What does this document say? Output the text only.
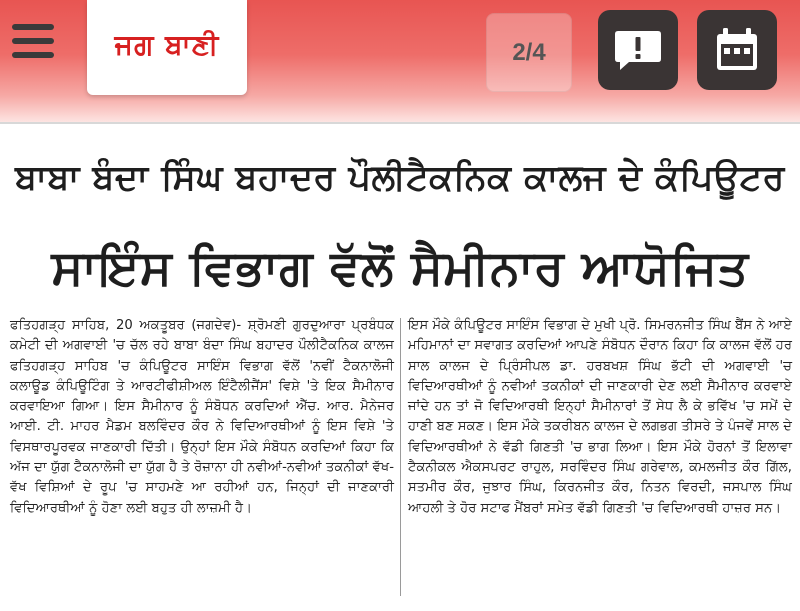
ਜਗ ਬਾਣੀ	2/4
ਬਾਬਾ ਬੰਦਾ ਸਿੰਘ ਬਹਾਦਰ ਪੌਲੀਟੈਕਨਿਕ ਕਾਲਜ ਦੇ ਕੰਪਿਊਟਰ
ਸਾਇੰਸ ਵਿਭਾਗ ਵੱਲੋਂ ਸੈਮੀਨਾਰ ਆਯੋਜਿਤ
ਫਤਿਹਗੜ੍ਹ ਸਾਹਿਬ, 20 ਅਕਤੂਬਰ (ਜਗਦੇਵ)- ਸ਼੍ਰੋਮਣੀ ਗੁਰਦੁਆਰਾ ਪ੍ਰਬੰਧਕ ਕਮੇਟੀ ਦੀ ਅਗਵਾਈ 'ਚ ਚੱਲ ਰਹੇ ਬਾਬਾ ਬੰਦਾ ਸਿੰਘ ਬਹਾਦਰ ਪੌਲੀਟੈਕਨਿਕ ਕਾਲਜ ਫਤਿਹਗੜ੍ਹ ਸਾਹਿਬ 'ਚ ਕੰਪਿਊਟਰ ਸਾਇੰਸ ਵਿਭਾਗ ਵੱਲੋਂ 'ਨਵੀਂ ਟੈਕਨਾਲੋਜੀ ਕਲਾਊਡ ਕੰਪਿਊਟਿੰਗ ਤੇ ਆਰਟੀਫੀਸ਼ੀਅਲ ਇੰਟੈਲੀਜੈਂਸ' ਵਿਸ਼ੇ 'ਤੇ ਇਕ ਸੈਮੀਨਾਰ ਕਰਵਾਇਆ ਗਿਆ। ਇਸ ਸੈਮੀਨਾਰ ਨੂੰ ਸੰਬੋਧਨ ਕਰਦਿਆਂ ਐੱਚ. ਆਰ. ਮੈਨੇਜਰ ਆਈ. ਟੀ. ਮਾਹਰ ਮੈਡਮ ਬਲਵਿੰਦਰ ਕੌਰ ਨੇ ਵਿਦਿਆਰਥੀਆਂ ਨੂੰ ਇਸ ਵਿਸ਼ੇ 'ਤੇ ਵਿਸਥਾਰਪੂਰਵਕ ਜਾਣਕਾਰੀ ਦਿੱਤੀ। ਉਨ੍ਹਾਂ ਇਸ ਮੌਕੇ ਸੰਬੋਧਨ ਕਰਦਿਆਂ ਕਿਹਾ ਕਿ ਅੱਜ ਦਾ ਯੁੱਗ ਟੈਕਨਾਲੋਜੀ ਦਾ ਯੁੱਗ ਹੈ ਤੇ ਰੋਜ਼ਾਨਾ ਹੀ ਨਵੀਆਂ-ਨਵੀਆਂ ਤਕਨੀਕਾਂ ਵੱਖ-ਵੱਖ ਵਿਸ਼ਿਆਂ ਦੇ ਰੂਪ 'ਚ ਸਾਹਮਣੇ ਆ ਰਹੀਆਂ ਹਨ, ਜਿਨ੍ਹਾਂ ਦੀ ਜਾਣਕਾਰੀ ਵਿਦਿਆਰਥੀਆਂ ਨੂੰ ਹੋਣਾ ਲਈ ਬਹੁਤ ਹੀ ਲਾਜ਼ਮੀ ਹੈ।
ਇਸ ਮੌਕੇ ਕੰਪਿਊਟਰ ਸਾਇੰਸ ਵਿਭਾਗ ਦੇ ਮੁਖੀ ਪ੍ਰੋ. ਸਿਮਰਨਜੀਤ ਸਿੰਘ ਬੈਂਸ ਨੇ ਆਏ ਮਹਿਮਾਨਾਂ ਦਾ ਸਵਾਗਤ ਕਰਦਿਆਂ ਆਪਣੇ ਸੰਬੋਧਨ ਦੌਰਾਨ ਕਿਹਾ ਕਿ ਕਾਲਜ ਵੱਲੋਂ ਹਰ ਸਾਲ ਕਾਲਜ ਦੇ ਪ੍ਰਿੰਸੀਪਲ ਡਾ. ਹਰਬਖਸ਼ ਸਿੰਘ ਭੱਟੀ ਦੀ ਅਗਵਾਈ 'ਚ ਵਿਦਿਆਰਥੀਆਂ ਨੂੰ ਨਵੀਆਂ ਤਕਨੀਕਾਂ ਦੀ ਜਾਣਕਾਰੀ ਦੇਣ ਲਈ ਸੈਮੀਨਾਰ ਕਰਵਾਏ ਜਾਂਦੇ ਹਨ ਤਾਂ ਜੋ ਵਿਦਿਆਰਥੀ ਇਨ੍ਹਾਂ ਸੈਮੀਨਾਰਾਂ ਤੋਂ ਸੇਧ ਲੈ ਕੇ ਭਵਿੱਖ 'ਚ ਸਮੇਂ ਦੇ ਹਾਣੀ ਬਣ ਸਕਣ। ਇਸ ਮੌਕੇ ਤਕਰੀਬਨ ਕਾਲਜ ਦੇ ਲਗਭਗ ਤੀਸਰੇ ਤੇ ਪੰਜਵੇਂ ਸਾਲ ਦੇ ਵਿਦਿਆਰਥੀਆਂ ਨੇ ਵੱਡੀ ਗਿਣਤੀ 'ਚ ਭਾਗ ਲਿਆ। ਇਸ ਮੌਕੇ ਹੋਰਨਾਂ ਤੋਂ ਇਲਾਵਾ ਟੈਕਨੀਕਲ ਐਕਸਪਰਟ ਰਾਹੁਲ, ਸਰਵਿੰਦਰ ਸਿੰਘ ਗਰੇਵਾਲ, ਕਮਲਜੀਤ ਕੌਰ ਗਿੱਲ, ਸਤਮੀਰ ਕੌਰ, ਜੁਝਾਰ ਸਿੰਘ, ਕਿਰਨਜੀਤ ਕੌਰ, ਨਿਤਨ ਵਿਰਦੀ, ਜਸਪਾਲ ਸਿੰਘ ਆਹਲੀ ਤੇ ਹੋਰ ਸਟਾਫ ਮੈਂਬਰਾਂ ਸਮੇਤ ਵੱਡੀ ਗਿਣਤੀ 'ਚ ਵਿਦਿਆਰਥੀ ਹਾਜ਼ਰ ਸਨ।
